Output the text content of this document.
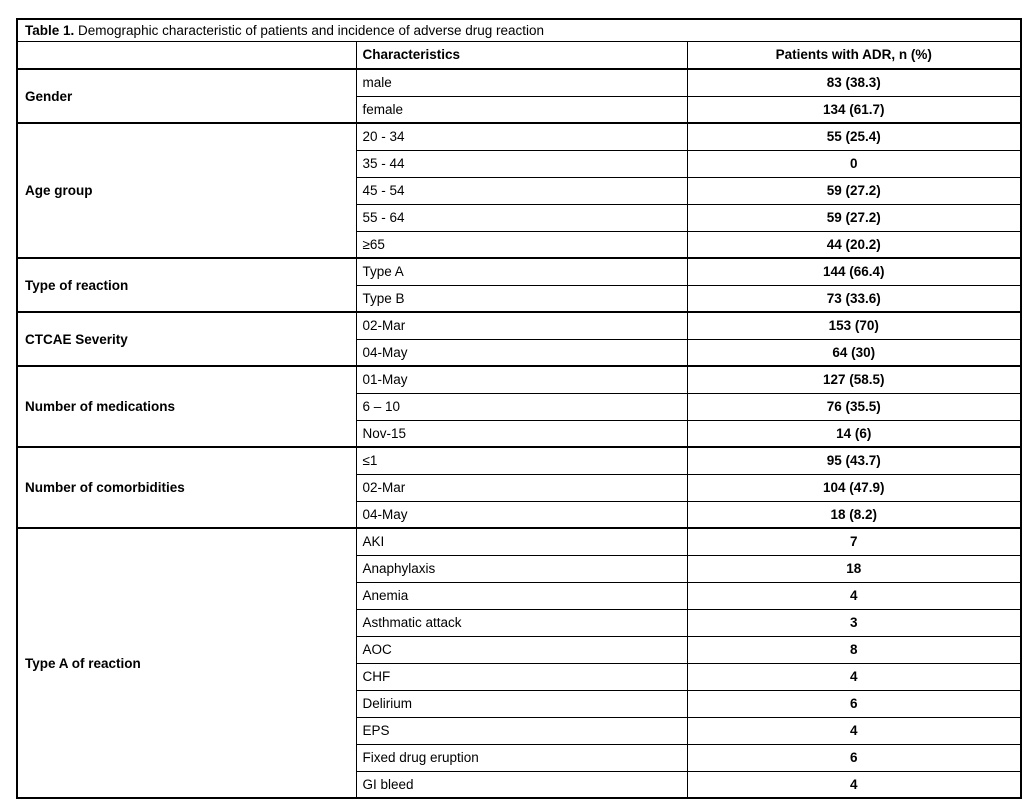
Table 1. Demographic characteristic of patients and incidence of adverse drug reaction		
	Characteristics	Patients with ADR, n (%)
Gender	male	83 (38.3)
	female	134 (61.7)
Age group	20 - 34	55 (25.4)
	35 - 44	0
	45 - 54	59 (27.2)
	55 - 64	59 (27.2)
	≥65	44 (20.2)
Type of reaction	Type A	144 (66.4)
	Type B	73 (33.6)
CTCAE Severity	02-Mar	153 (70)
	04-May	64 (30)
Number of medications	01-May	127 (58.5)
	6 – 10	76 (35.5)
	Nov-15	14 (6)
Number of comorbidities	≤1	95 (43.7)
	02-Mar	104 (47.9)
	04-May	18 (8.2)
Type A of reaction	AKI	7
	Anaphylaxis	18
	Anemia	4
	Asthmatic attack	3
	AOC	8
	CHF	4
	Delirium	6
	EPS	4
	Fixed drug eruption	6
	GI bleed	4
